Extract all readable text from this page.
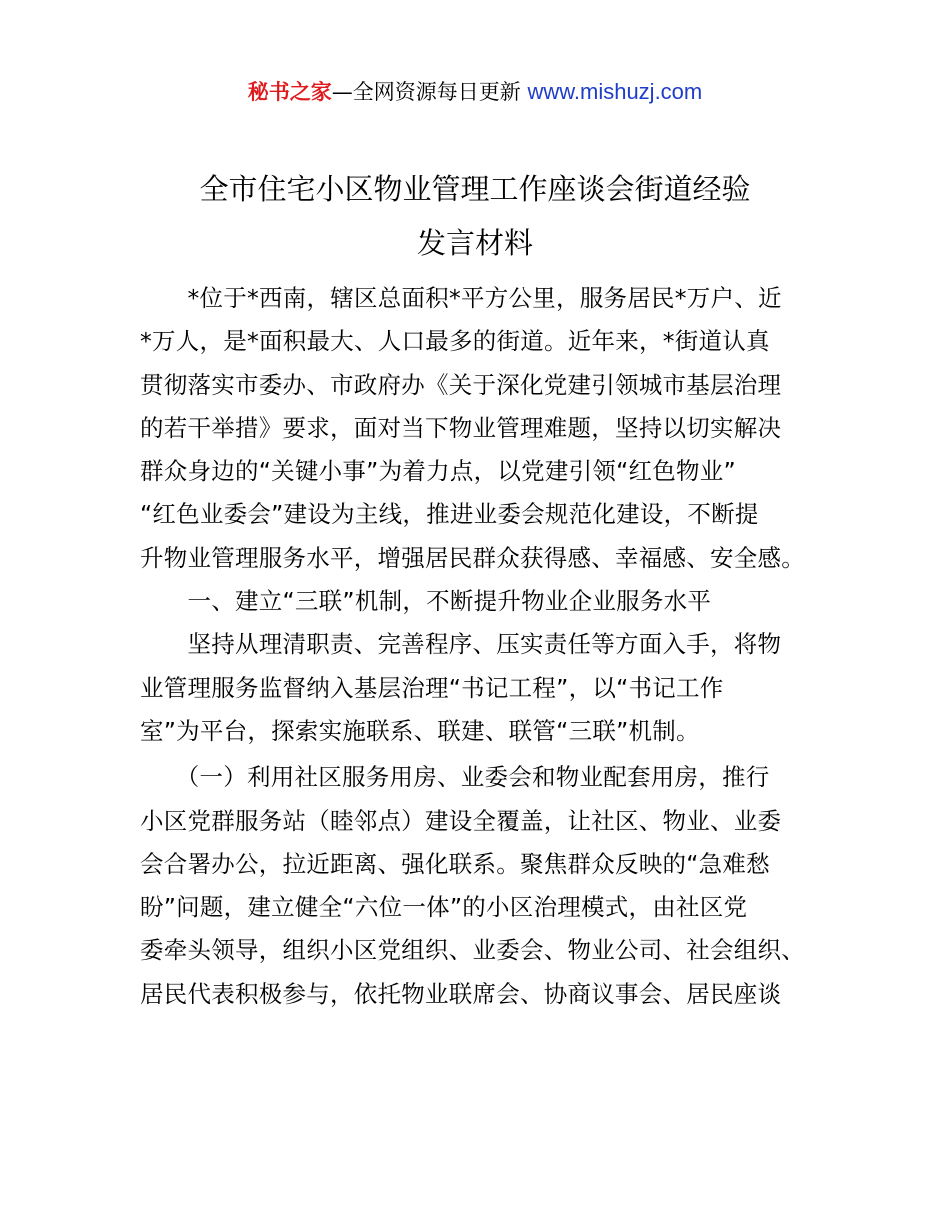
秘书之家—全网资源每日更新 www.mishuzj.com
全市住宅小区物业管理工作座谈会街道经验
发言材料
　　*位于*西南，辖区总面积*平方公里，服务居民*万户、近
*万人，是*面积最大、人口最多的街道。近年来，*街道认真
贯彻落实市委办、市政府办《关于深化党建引领城市基层治理
的若干举措》要求，面对当下物业管理难题，坚持以切实解决
群众身边的“关键小事”为着力点，以党建引领“红色物业”
“红色业委会”建设为主线，推进业委会规范化建设，不断提
升物业管理服务水平，增强居民群众获得感、幸福感、安全感。
　　一、建立“三联”机制，不断提升物业企业服务水平
　　坚持从理清职责、完善程序、压实责任等方面入手，将物
业管理服务监督纳入基层治理“书记工程”，以“书记工作
室”为平台，探索实施联系、联建、联管“三联”机制。
　　（一）利用社区服务用房、业委会和物业配套用房，推行
小区党群服务站（睦邻点）建设全覆盖，让社区、物业、业委
会合署办公，拉近距离、强化联系。聚焦群众反映的“急难愁
盼”问题，建立健全“六位一体”的小区治理模式，由社区党
委牵头领导，组织小区党组织、业委会、物业公司、社会组织、
居民代表积极参与，依托物业联席会、协商议事会、居民座谈
